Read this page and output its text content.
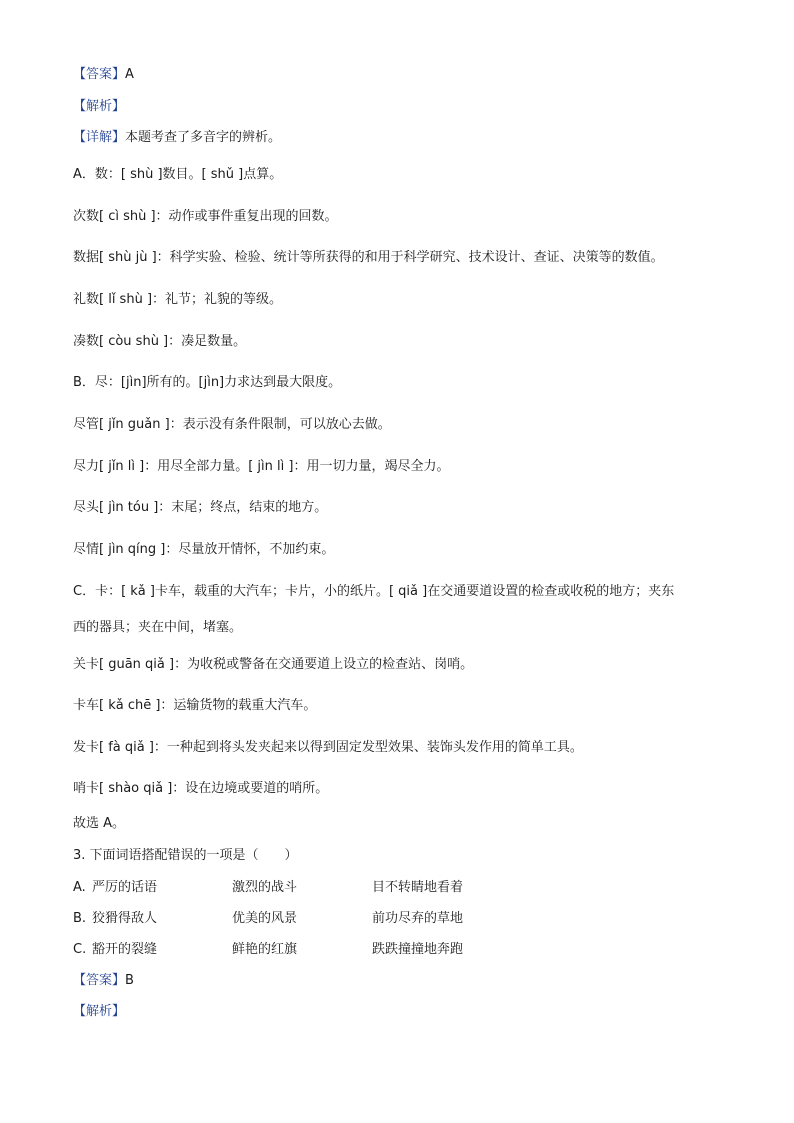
【答案】A
【解析】
【详解】本题考查了多音字的辨析。
A．数：[ shù ]数目。[ shǔ ]点算。
次数[ cì shù ]：动作或事件重复出现的回数。
数据[ shù jù ]：科学实验、检验、统计等所获得的和用于科学研究、技术设计、查证、决策等的数值。
礼数[ lǐ shù ]：礼节；礼貌的等级。
凑数[ còu shù ]：凑足数量。
B．尽：[jìn]所有的。[jìn]力求达到最大限度。
尽管[ jǐn guǎn ]：表示没有条件限制，可以放心去做。
尽力[ jǐn lì ]：用尽全部力量。[ jìn lì ]：用一切力量，竭尽全力。
尽头[ jìn tóu ]：末尾；终点，结束的地方。
尽情[ jìn qíng ]：尽量放开情怀，不加约束。
C．卡：[ kǎ ]卡车，载重的大汽车；卡片，小的纸片。[ qiǎ ]在交通要道设置的检查或收税的地方；夹东
西的器具；夹在中间，堵塞。
关卡[ guān qiǎ ]：为收税或警备在交通要道上设立的检查站、岗哨。
卡车[ kǎ chē ]：运输货物的载重大汽车。
发卡[ fà qiǎ ]：一种起到将头发夹起来以得到固定发型效果、装饰头发作用的简单工具。
哨卡[ shào qiǎ ]：设在边境或要道的哨所。
故选 A。
3. 下面词语搭配错误的一项是（　　）
A. 严厉的话语	激烈的战斗	目不转睛地看着
B. 狡猾得敌人	优美的风景	前功尽弃的草地
C. 豁开的裂缝	鲜艳的红旗	跌跌撞撞地奔跑
【答案】B
【解析】
